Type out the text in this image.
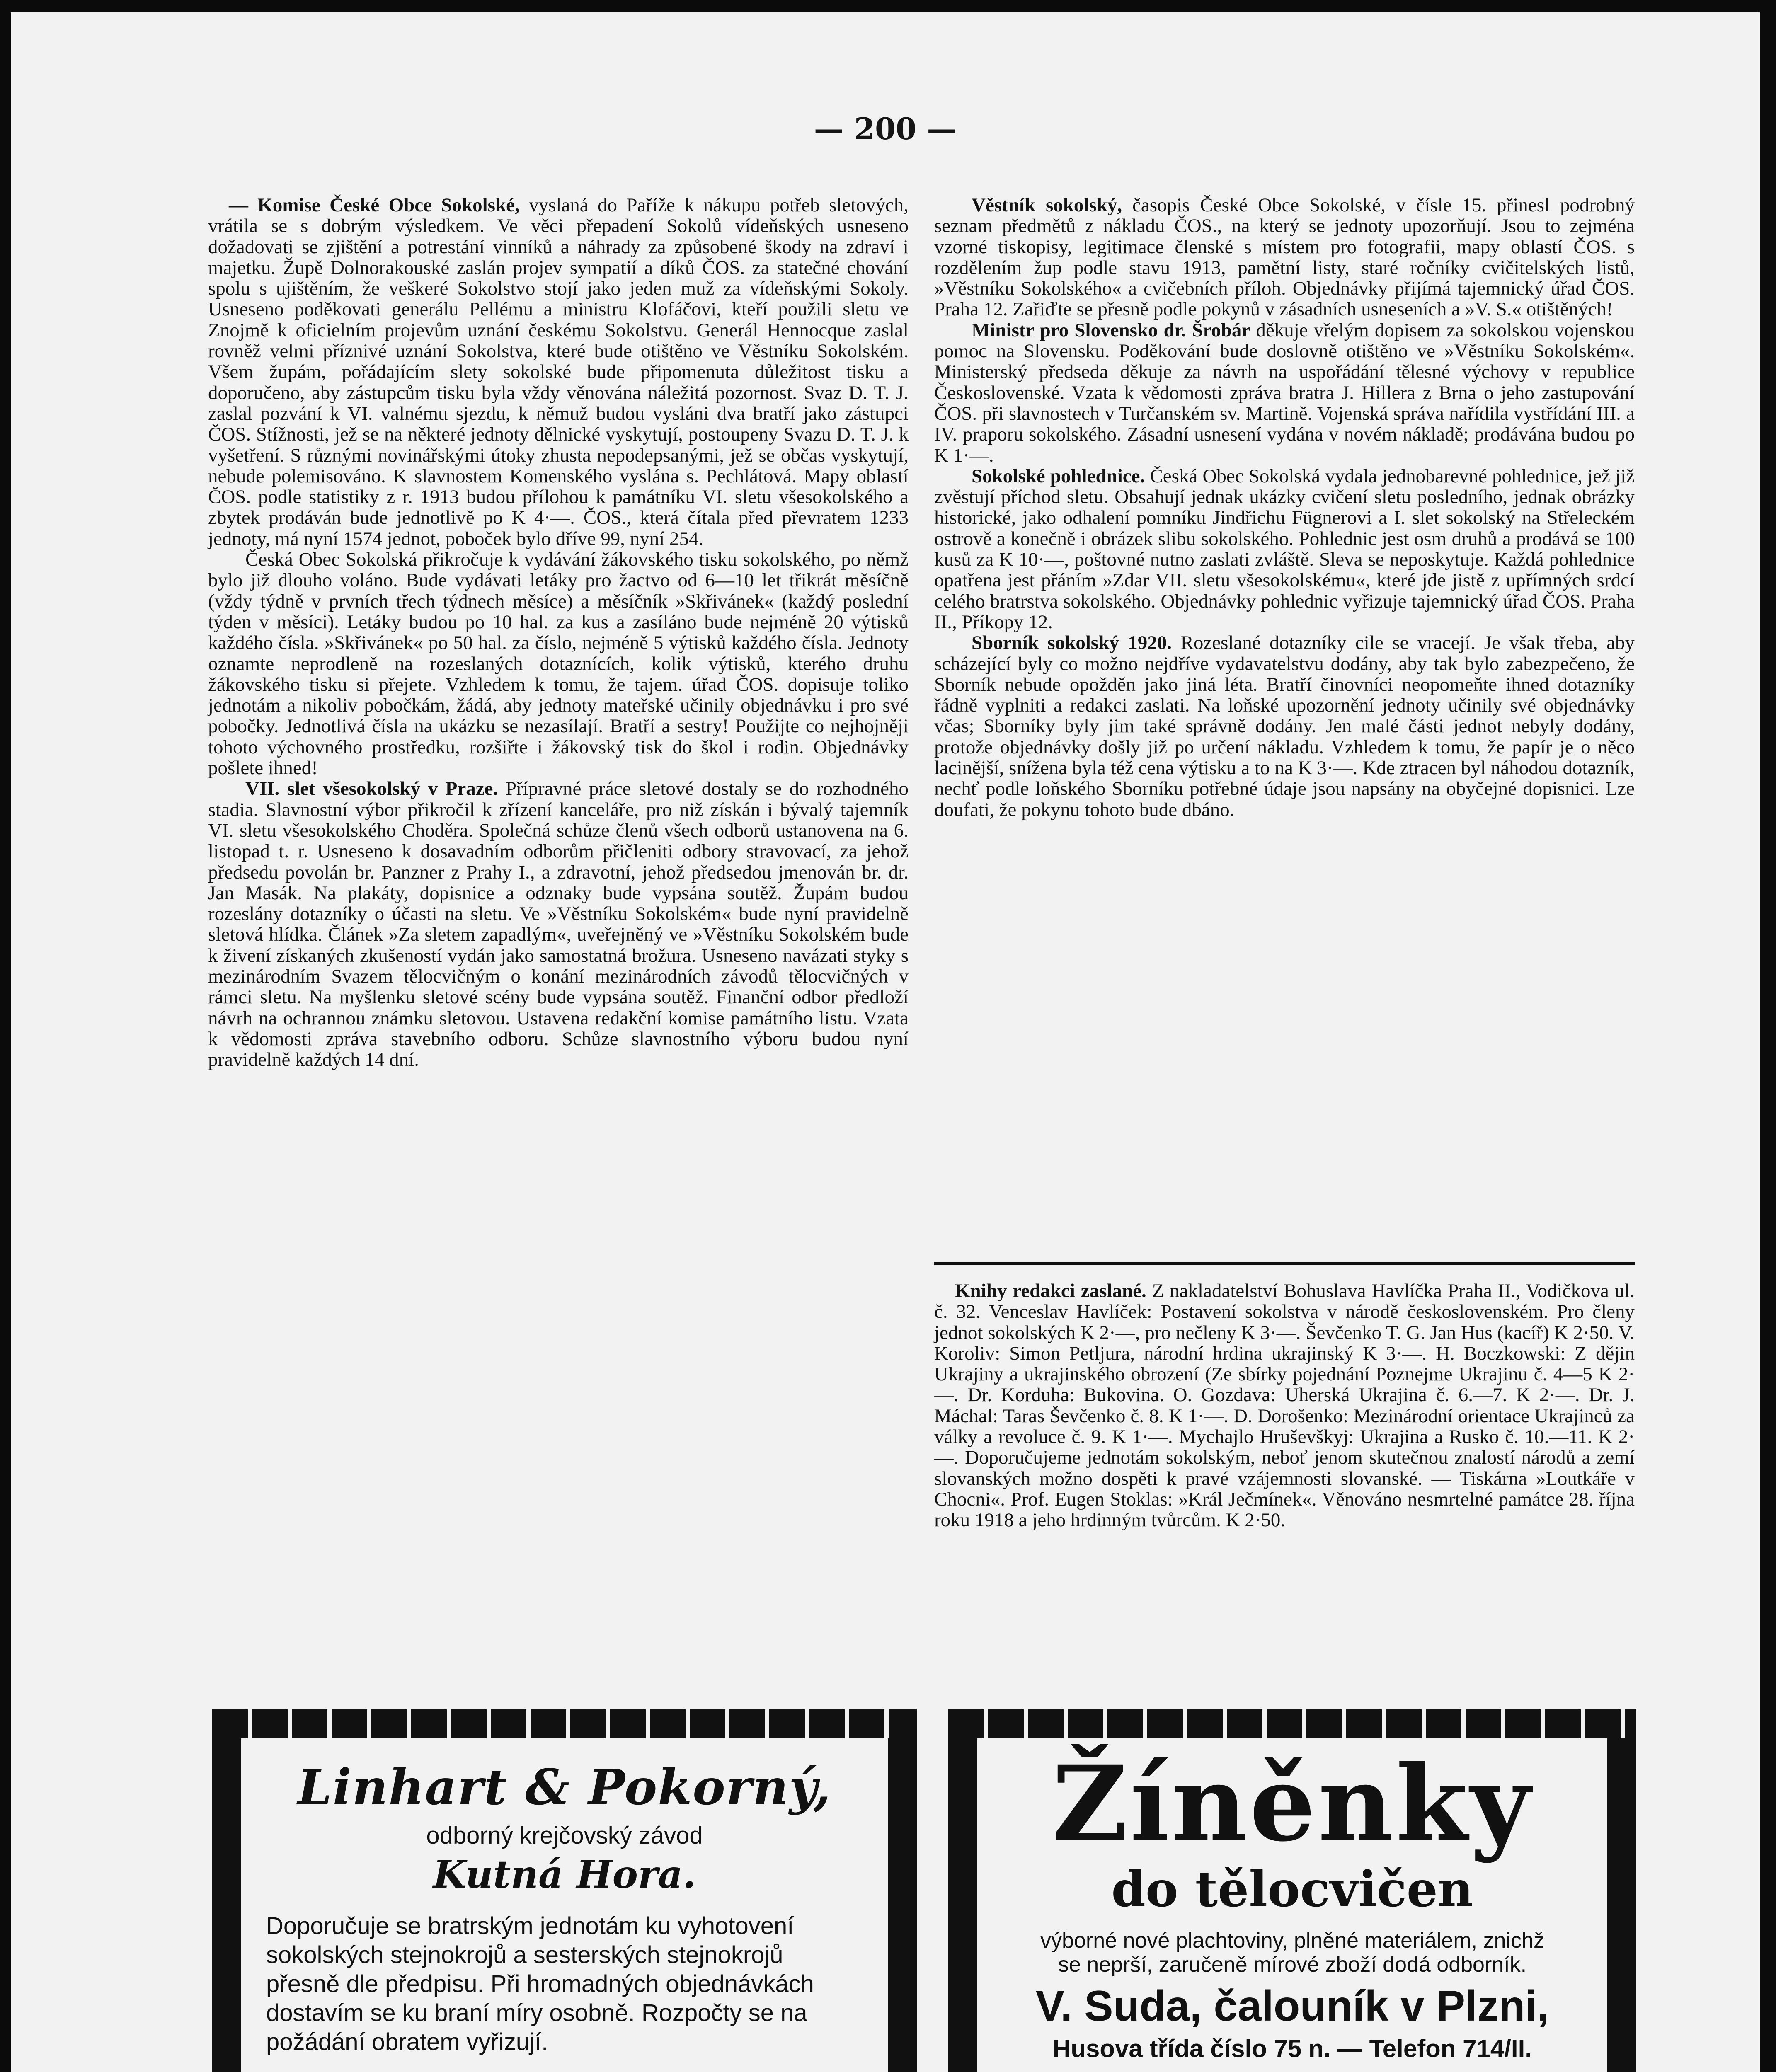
— 200 —

— Komise České Obce Sokolské, vyslaná do Paříže k nákupu potřeb sletových, vrátila se s dobrým výsledkem. Ve věci přepadení Sokolů vídeňských usneseno dožadovati se zjištění a potrestání vinníků a náhrady za způsobené škody na zdraví i majetku. Župě Dolnorakouské zaslán projev sympatií a díků ČOS. za statečné chování spolu s ujištěním, že veškeré Sokolstvo stojí jako jeden muž za vídeňskými Sokoly. Usneseno poděkovati generálu Pellému a ministru Klofáčovi, kteří použili sletu ve Znojmě k oficielním projevům uznání českému Sokolstvu. Generál Hennocque zaslal rovněž velmi příznivé uznání Sokolstva, které bude otištěno ve Věstníku Sokolském. Všem župám, pořádajícím slety sokolské bude připomenuta důležitost tisku a doporučeno, aby zástupcům tisku byla vždy věnována náležitá pozornost. Svaz D. T. J. zaslal pozvání k VI. valnému sjezdu, k němuž budou vysláni dva bratří jako zástupci ČOS. Stížnosti, jež se na některé jednoty dělnické vyskytují, postoupeny Svazu D. T. J. k vyšetření. S různými novinářskými útoky zhusta nepodepsanými, jež se občas vyskytují, nebude polemisováno. K slavnostem Komenského vyslána s. Pechlátová. Mapy oblastí ČOS. podle statistiky z r. 1913 budou přílohou k památníku VI. sletu všesokolského a zbytek prodáván bude jednotlivě po K 4·—. ČOS., která čítala před převratem 1233 jednoty, má nyní 1574 jednot, poboček bylo dříve 99, nyní 254.

Česká Obec Sokolská přikročuje k vydávání žákovského tisku sokolského, po němž bylo již dlouho voláno. Bude vydávati letáky pro žactvo od 6—10 let třikrát měsíčně (vždy týdně v prvních třech týdnech měsíce) a měsíčník »Skřivánek« (každý poslední týden v měsíci). Letáky budou po 10 hal. za kus a zasíláno bude nejméně 20 výtisků každého čísla. »Skřivánek« po 50 hal. za číslo, nejméně 5 výtisků každého čísla. Jednoty oznamte neprodleně na rozeslaných dotaznících, kolik výtisků, kterého druhu žákovského tisku si přejete. Vzhledem k tomu, že tajem. úřad ČOS. dopisuje toliko jednotám a nikoliv pobočkám, žádá, aby jednoty mateřské učinily objednávku i pro své pobočky. Jednotlivá čísla na ukázku se nezasílají. Bratří a sestry! Použijte co nejhojněji tohoto výchovného prostředku, rozšiřte i žákovský tisk do škol i rodin. Objednávky pošlete ihned!

VII. slet všesokolský v Praze. Přípravné práce sletové dostaly se do rozhodného stadia. Slavnostní výbor přikročil k zřízení kanceláře, pro niž získán i bývalý tajemník VI. sletu všesokolského Choděra. Společná schůze členů všech odborů ustanovena na 6. listopad t. r. Usneseno k dosavadním odborům přičleniti odbory stravovací, za jehož předsedu povolán br. Panzner z Prahy I., a zdravotní, jehož předsedou jmenován br. dr. Jan Masák. Na plakáty, dopisnice a odznaky bude vypsána soutěž. Župám budou rozeslány dotazníky o účasti na sletu. Ve »Věstníku Sokolském« bude nyní pravidelně sletová hlídka. Článek »Za sletem zapadlým«, uveřejněný ve »Věstníku Sokolském bude k živení získaných zkušeností vydán jako samostatná brožura. Usneseno navázati styky s mezinárodním Svazem tělocvičným o konání mezinárodních závodů tělocvičných v rámci sletu. Na myšlenku sletové scény bude vypsána soutěž. Finanční odbor předloží návrh na ochrannou známku sletovou. Ustavena redakční komise památního listu. Vzata k vědomosti zpráva stavebního odboru. Schůze slavnostního výboru budou nyní pravidelně každých 14 dní.

Věstník sokolský, časopis České Obce Sokolské, v čísle 15. přinesl podrobný seznam předmětů z nákladu ČOS., na který se jednoty upozorňují. Jsou to zejména vzorné tiskopisy, legitimace členské s místem pro fotografii, mapy oblastí ČOS. s rozdělením žup podle stavu 1913, pamětní listy, staré ročníky cvičitelských listů, »Věstníku Sokolského« a cvičebních příloh. Objednávky přijímá tajemnický úřad ČOS. Praha 12. Zařiďte se přesně podle pokynů v zásadních usneseních a »V. S.« otištěných!

Ministr pro Slovensko dr. Šrobár děkuje vřelým dopisem za sokolskou vojenskou pomoc na Slovensku. Poděkování bude doslovně otištěno ve »Věstníku Sokolském«. Ministerský předseda děkuje za návrh na uspořádání tělesné výchovy v republice Československé. Vzata k vědomosti zpráva bratra J. Hillera z Brna o jeho zastupování ČOS. při slavnostech v Turčanském sv. Martině. Vojenská správa nařídila vystřídání III. a IV. praporu sokolského. Zásadní usnesení vydána v novém nákladě; prodávána budou po K 1·—.

Sokolské pohlednice. Česká Obec Sokolská vydala jednobarevné pohlednice, jež již zvěstují příchod sletu. Obsahují jednak ukázky cvičení sletu posledního, jednak obrázky historické, jako odhalení pomníku Jindřichu Fügnerovi a I. slet sokolský na Střeleckém ostrově a konečně i obrázek slibu sokolského. Pohlednic jest osm druhů a prodává se 100 kusů za K 10·—, poštovné nutno zaslati zvláště. Sleva se neposkytuje. Každá pohlednice opatřena jest přáním »Zdar VII. sletu všesokolskému«, které jde jistě z upřímných srdcí celého bratrstva sokolského. Objednávky pohlednic vyřizuje tajemnický úřad ČOS. Praha II., Příkopy 12.

Sborník sokolský 1920. Rozeslané dotazníky cile se vracejí. Je však třeba, aby scházející byly co možno nejdříve vydavatelstvu dodány, aby tak bylo zabezpečeno, že Sborník nebude opožděn jako jiná léta. Bratří činovníci neopomeňte ihned dotazníky řádně vyplniti a redakci zaslati. Na loňské upozornění jednoty učinily své objednávky včas; Sborníky byly jim také správně dodány. Jen malé části jednot nebyly dodány, protože objednávky došly již po určení nákladu. Vzhledem k tomu, že papír je o něco lacinější, snížena byla též cena výtisku a to na K 3·—. Kde ztracen byl náhodou dotazník, nechť podle loňského Sborníku potřebné údaje jsou napsány na obyčejné dopisnici. Lze doufati, že pokynu tohoto bude dbáno.

Knihy redakci zaslané. Z nakladatelství Bohuslava Havlíčka Praha II., Vodičkova ul. č. 32. Venceslav Havlíček: Postavení sokolstva v národě československém. Pro členy jednot sokolských K 2·—, pro nečleny K 3·—. Ševčenko T. G. Jan Hus (kacíř) K 2·50. V. Koroliv: Simon Petljura, národní hrdina ukrajinský K 3·—. H. Boczkowski: Z dějin Ukrajiny a ukrajinského obrození (Ze sbírky pojednání Poznejme Ukrajinu č. 4—5 K 2·—. Dr. Korduha: Bukovina. O. Gozdava: Uherská Ukrajina č. 6.—7. K 2·—. Dr. J. Máchal: Taras Ševčenko č. 8. K 1·—. D. Dorošenko: Mezinárodní orientace Ukrajinců za války a revoluce č. 9. K 1·—. Mychajlo Hruševškyj: Ukrajina a Rusko č. 10.—11. K 2·—. Doporučujeme jednotám sokolským, neboť jenom skutečnou znalostí národů a zemí slovanských možno dospěti k pravé vzájemnosti slovanské. — Tiskárna »Loutkáře v Chocni«. Prof. Eugen Stoklas: »Král Ječmínek«. Věnováno nesmrtelné památce 28. října roku 1918 a jeho hrdinným tvůrcům. K 2·50.

Linhart & Pokorný,
odborný krejčovský závod
Kutná Hora.
Doporučuje se bratrským jednotám ku vyhotovení sokolských stejnokrojů a sesterských stejnokrojů přesně dle předpisu. Při hromadných objednávkách dostavím se ku braní míry osobně. Rozpočty se na požádání obratem vyřizují.
Žíněnky
do tělocvičen
výborné nové plachtoviny, plněné materiálem, znichž
se neprší, zaručeně mírové zboží dodá odborník.
V. Suda, čalouník v Plzni,
Husova třída číslo 75 n. — Telefon 714/II.
